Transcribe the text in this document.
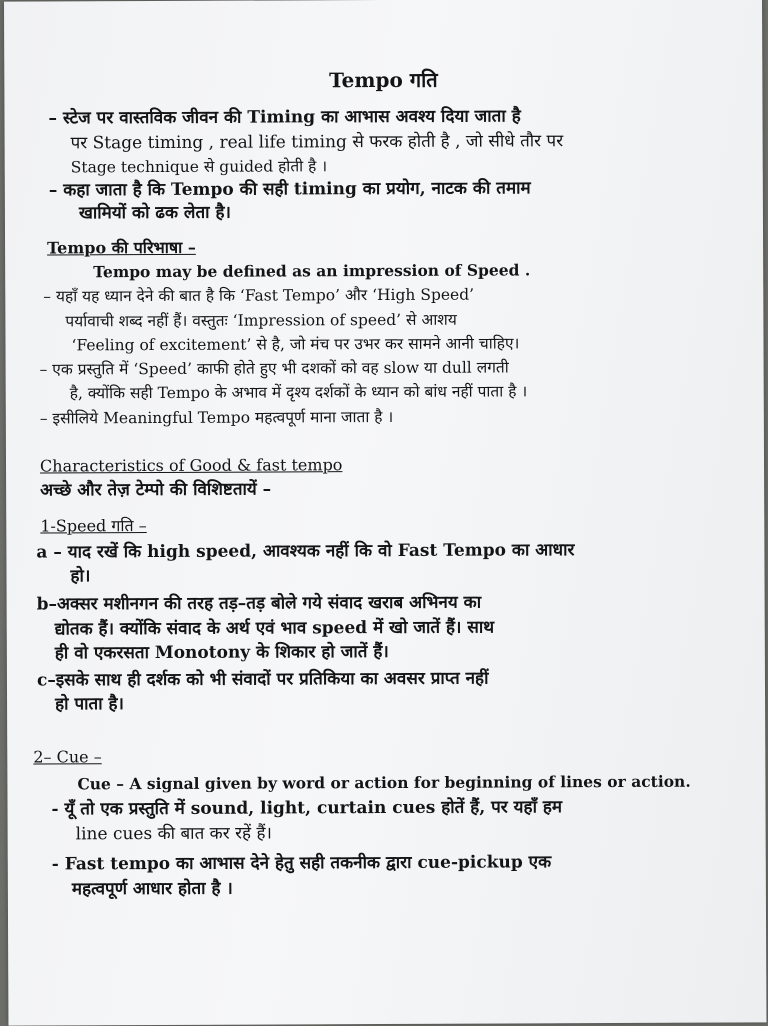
Tempo गति
– स्टेज पर वास्तविक जीवन की Timing का आभास अवश्य दिया जाता है
पर Stage timing , real life timing से फरक होती है , जो सीधे तौर पर
Stage technique से guided होती है ।
– कहा जाता है कि Tempo की सही timing का प्रयोग, नाटक की तमाम
खामियों को ढक लेता है।
Tempo की परिभाषा –
Tempo may be defined as an impression of Speed .
– यहाँ यह ध्यान देने की बात है कि ‘Fast Tempo’ और ‘High Speed’
पर्यावाची शब्द नहीं हैं। वस्तुतः ‘Impression of speed’ से आशय
‘Feeling of excitement’ से है, जो मंच पर उभर कर सामने आनी चाहिए।
– एक प्रस्तुति में ‘Speed’ काफी होते हुए भी दशकों को वह slow या dull लगती
है, क्योंकि सही Tempo के अभाव में दृश्य दर्शकों के ध्यान को बांध नहीं पाता है ।
– इसीलिये Meaningful Tempo महत्वपूर्ण माना जाता है ।
Characteristics of Good & fast tempo
अच्छे और तेज़ टेम्पो की विशिष्टतायें –
1-Speed गति –
a – याद रखें कि high speed, आवश्यक नहीं कि वो Fast Tempo का आधार
हो।
b–अक्सर मशीनगन की तरह तड़–तड़ बोले गये संवाद खराब अभिनय का
द्योतक हैं। क्योंकि संवाद के अर्थ एवं भाव speed में खो जातें हैं। साथ
ही वो एकरसता Monotony के शिकार हो जातें हैं।
c–इसके साथ ही दर्शक को भी संवादों पर प्रतिकिया का अवसर प्राप्त नहीं
हो पाता है।
2– Cue –
Cue – A signal given by word or action for beginning of lines or action.
- यूँ तो एक प्रस्तुति में sound, light, curtain cues होतें हैं, पर यहाँ हम
line cues की बात कर रहें हैं।
- Fast tempo का आभास देने हेतु सही तकनीक द्वारा cue-pickup एक
महत्वपूर्ण आधार होता है ।
